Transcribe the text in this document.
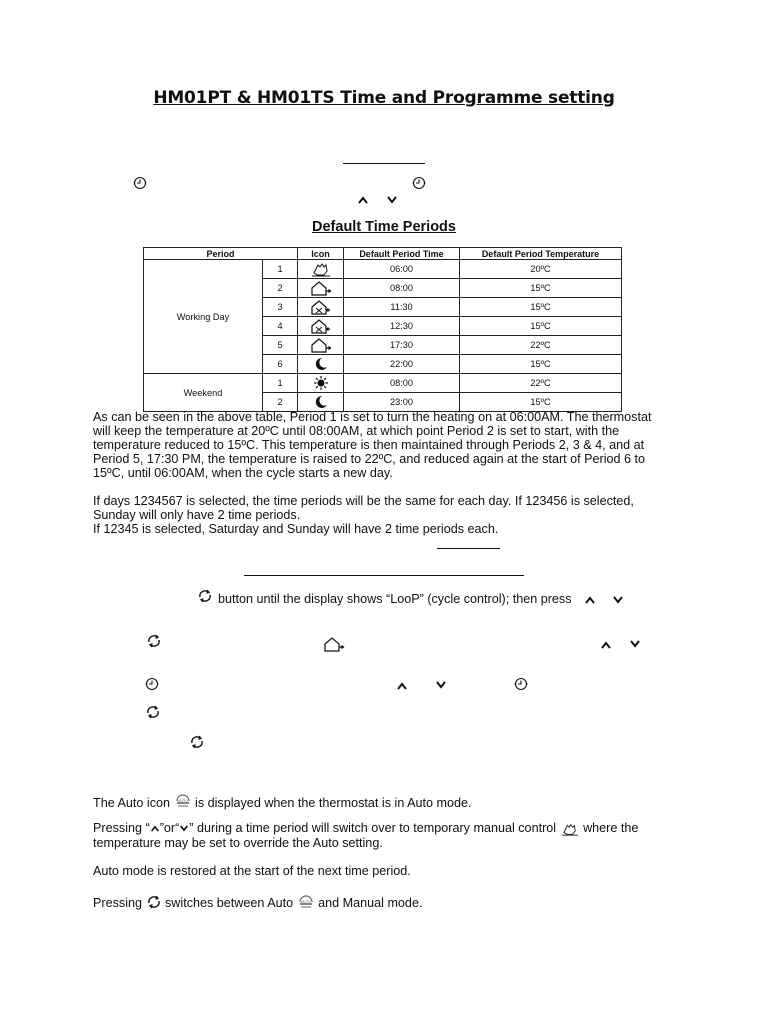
HM01PT & HM01TS Time and Programme setting
Default Time Periods
Period		Icon	Default Period Time	Default Period Temperature
Working Day	1		06:00	20ºC
	2		08:00	15ºC
	3		11:30	15ºC
	4		12:30	15ºC
	5		17:30	22ºC
	6		22:00	15ºC
Weekend	1		08:00	22ºC
	2		23:00	15ºC
As can be seen in the above table, Period 1 is set to turn the heating on at 06:00AM. The thermostat
will keep the temperature at 20ºC until 08:00AM, at which point Period 2 is set to start, with the
temperature reduced to 15ºC. This temperature is then maintained through Periods 2, 3 & 4, and at
Period 5, 17:30 PM, the temperature is raised to 22ºC, and reduced again at the start of Period 6 to
15ºC, until 06:00AM, when the cycle starts a new day.
If days 1234567 is selected, the time periods will be the same for each day. If 123456 is selected,
Sunday will only have 2 time periods.
If 12345 is selected, Saturday and Sunday will have 2 time periods each.
button until the display shows “LooP” (cycle control); then press
The Auto icon is displayed when the thermostat is in Auto mode.
Pressing “ ”or“ ” during a time period will switch over to temporary manual control where the
temperature may be set to override the Auto setting.
Auto mode is restored at the start of the next time period.
Pressing switches between Auto and Manual mode.
